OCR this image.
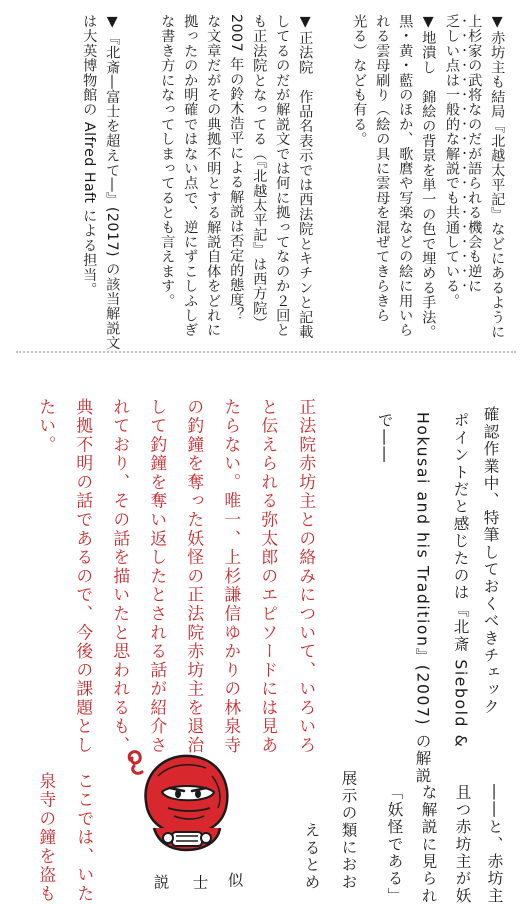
▼赤坊主も結局『北越太平記』などにあるように

上杉家の武将なのだが語られる機会も逆に

乏しい点は一般的な解説でも共通している。

▼地潰し　錦絵の背景を単一の色で埋める手法。

黒・黄・藍のほか、歌麿や写楽などの絵に用いら

れる雲母刷り（絵の具に雲母を混ぜてきらきら

光る）なども有る。

▼正法院　作品名表示では西法院とキチンと記載

してるのだが解説文では何に拠ってなのか２回と

も正法院となってる（『北越太平記』は西方院）

2007 年の鈴木浩平による解説は否定的態度？

な文章だがその典拠不明とする解説自体をどれに

拠ったのか明確ではない点で、逆にずこしふしぎ

な書き方になってしまってるとも言えます。

▼『北斎―富士を超えて―』(2017) の該当解説文

は大英博物館の Alfred Haft による担当。

確認作業中、特筆しておくべきチェック

ポイントだと感じたのは『北斎 Siebold &

Hokusai and his Tradition』(2007) の解説

で――

正法院赤坊主との絡みについて、いろいろ

と伝えられる弥太郎のエピソードには見あ

たらない。唯一、上杉謙信ゆかりの林泉寺

の釣鐘を奪った妖怪の正法院赤坊主を退治

して釣鐘を奪い返したとされる話が紹介さ

れており、その話を描いたと思われるも、

典拠不明の話であるので、今後の課題とし

たい。

――と、赤坊主

且つ赤坊主が妖

な解説に見られ

「妖怪である」

展示の類におお

えるとめ

ここでは、いた

泉寺の鐘を盗も	似

士

説
